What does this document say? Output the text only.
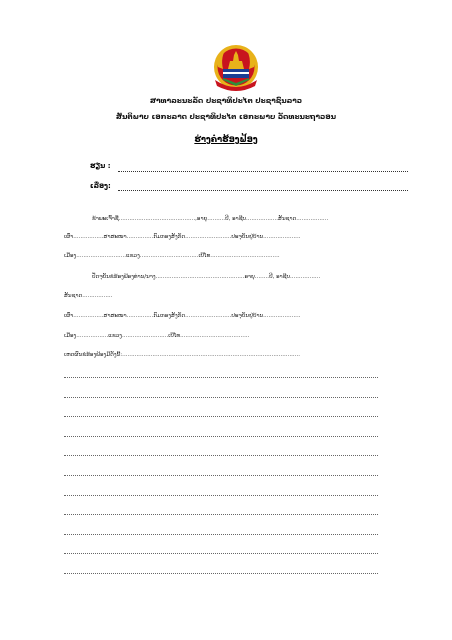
ສາທາລະນະລັດ ປະຊາທິປະໄຕ ປະຊາຊົນລາວ
ສັນຕິພາບ ເອກະລາດ ປະຊາທິປະໄຕ ເອກະພາບ ວັດທະນະຖາວອນ
ຮ່າງຄຳຮ້ອງຟ້ອງ
ຮຽນ :
ເລື່ອງ:
ຂ້າພະເຈົ້າຊື່...........................................,ອາຍຸ..........ປີ, ອາຊີບ..................ສັນຊາດ..................
ເຜົ່າ.................ສາສະໜາ...............ກົມກອງສັງກັດ..........................ປະຈຸບັນຢູ່ບ້ານ.....................
ເມືອງ............................ແຂວງ.................................ເບີໂທ.......................................
ປັດຈຸບັນຂໍຮ້ອງຟ້ອງທ່ານ/ນາງ..................................................ອາຍຸ........ປີ, ອາຊີບ.................
ສັນຊາດ.................
ເຜົ່າ.................ສາສະໜາ...............ກົມກອງສັງກັດ..........................ປະຈຸບັນຢູ່ບ້ານ.....................
ເມືອງ..................ແຂວງ..........................ເບີໂທ.......................................
ເຫດຜົນຂໍຮ້ອງຟ້ອງມີດັ່ງນີ້:....................................................................................................
